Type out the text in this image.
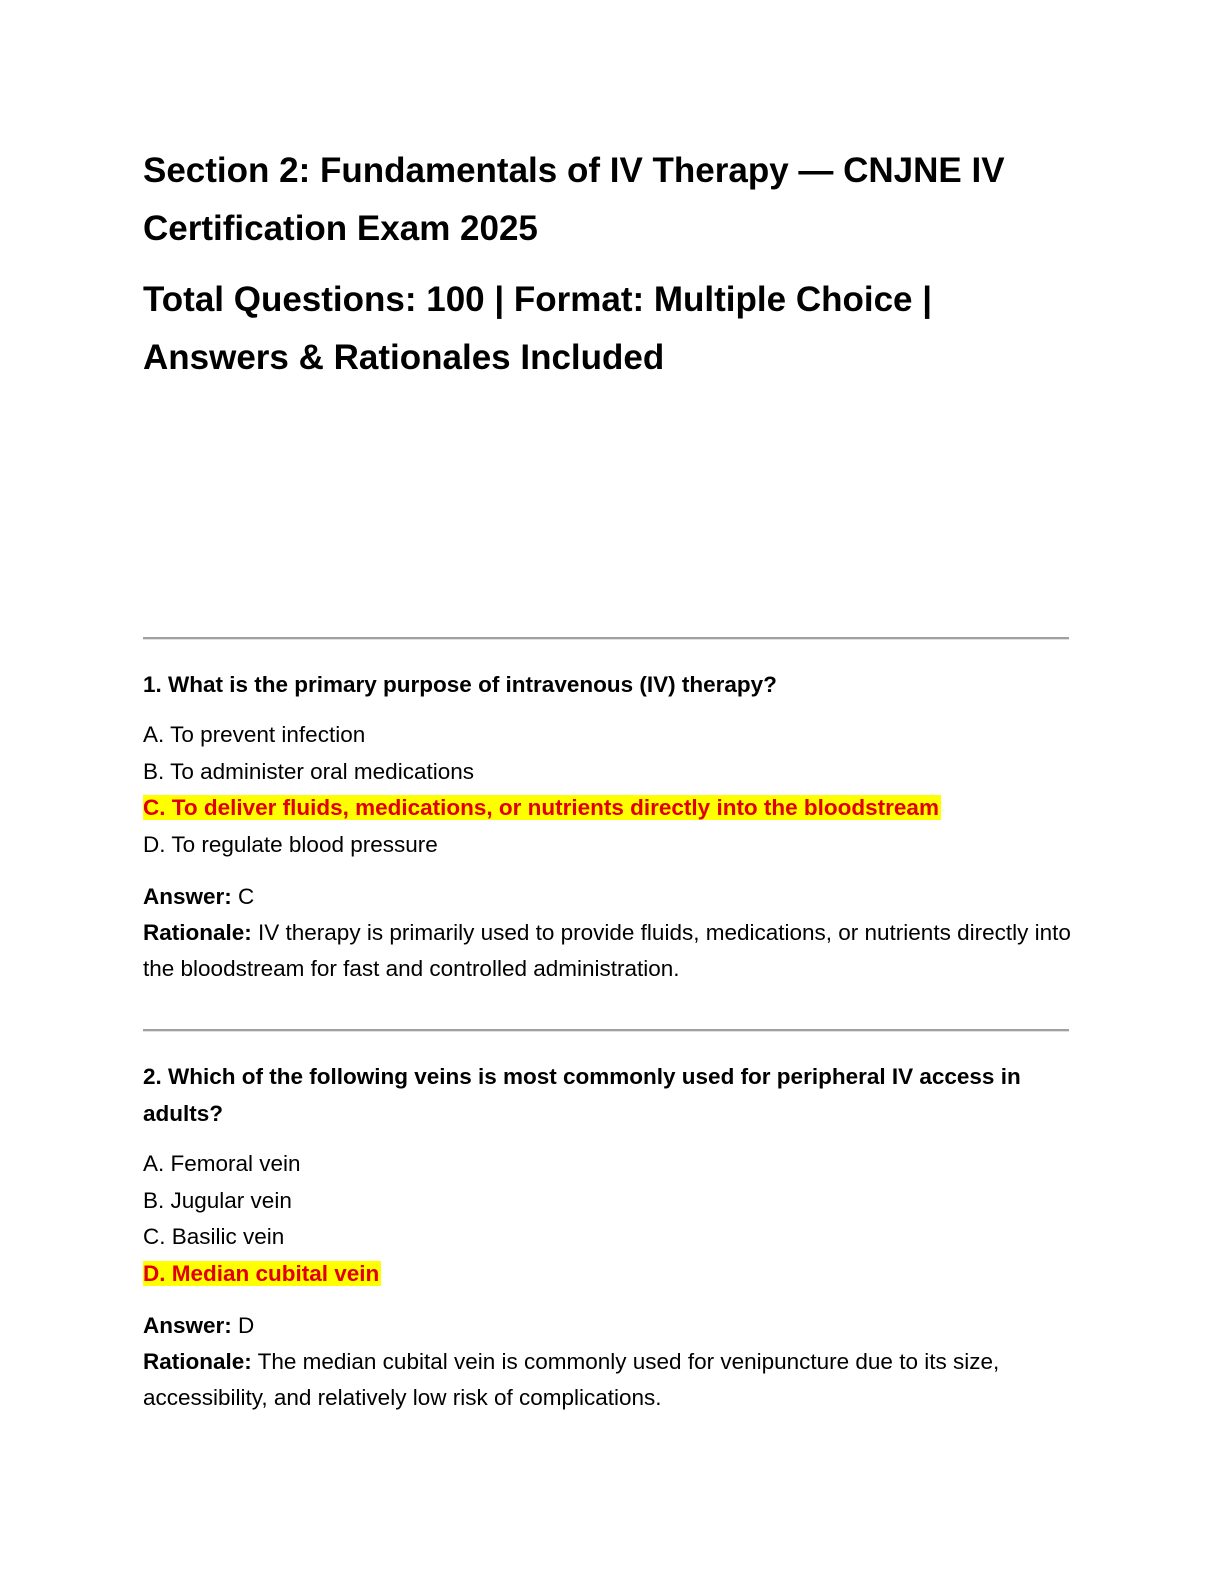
Section 2: Fundamentals of IV Therapy — CNJNE IV
Certification Exam 2025
Total Questions: 100 | Format: Multiple Choice |
Answers & Rationales Included

1. What is the primary purpose of intravenous (IV) therapy?

A. To prevent infection
B. To administer oral medications
C. To deliver fluids, medications, or nutrients directly into the bloodstream
D. To regulate blood pressure

Answer: C

Rationale: IV therapy is primarily used to provide fluids, medications, or nutrients directly into the bloodstream for fast and controlled administration.

2. Which of the following veins is most commonly used for peripheral IV access in adults?

A. Femoral vein
B. Jugular vein
C. Basilic vein
D. Median cubital vein

Answer: D

Rationale: The median cubital vein is commonly used for venipuncture due to its size, accessibility, and relatively low risk of complications.
